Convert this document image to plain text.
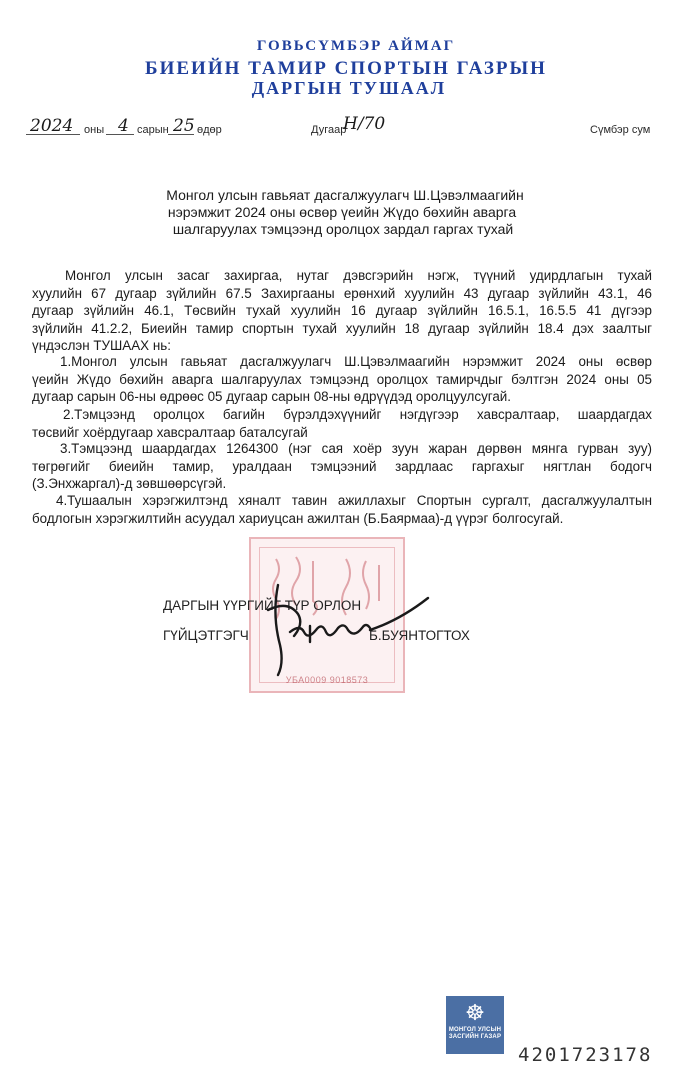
ГОВЬСҮМБЭР АЙМАГ
БИЕИЙН ТАМИР СПОРТЫН ГАЗРЫН
ДАРГЫН ТУШААЛ
2024 оны 4 сарын 25 өдөр	Дугаар
Н/70	Сүмбэр сум
Монгол улсын гавьяат дасгалжуулагч Ш.Цэвэлмаагийн
нэрэмжит 2024 оны өсвөр үеийн Жүдо бөхийн аварга
шалгаруулах тэмцээнд оролцох зардал гаргах тухай
Монгол улсын засаг захиргаа, нутаг дэвсгэрийн нэгж, түүний удирдлагын тухай
хуулийн 67 дугаар зүйлийн 67.5 Захиргааны ерөнхий хуулийн 43 дугаар зүйлийн 43.1, 46
дугаар зүйлийн 46.1, Төсвийн тухай хуулийн 16 дугаар зүйлийн 16.5.1, 16.5.5 41 дүгээр
зүйлийн 41.2.2, Биеийн тамир спортын тухай хуулийн 18 дугаар зүйлийн 18.4 дэх заалтыг
үндэслэн ТУШААХ нь:
1.Монгол улсын гавьяат дасгалжуулагч Ш.Цэвэлмаагийн нэрэмжит 2024 оны өсвөр
үеийн Жүдо бөхийн аварга шалгаруулах тэмцээнд оролцох тамирчдыг бэлтгэн 2024 оны 05
дугаар сарын 06-ны өдрөөс 05 дугаар сарын 08-ны өдрүүдэд оролцуулсугай.
2.Тэмцээнд оролцох багийн бүрэлдэхүүнийг нэгдүгээр хавсралтаар, шаардагдах
төсвийг хоёрдугаар хавсралтаар баталсугай
3.Тэмцээнд шаардагдах 1264300 (нэг сая хоёр зуун жаран дөрвөн мянга гурван зуу)
төгрөгийг биеийн тамир, уралдаан тэмцээний зардлаас гаргахыг нягтлан бодогч
(З.Энхжаргал)-д зөвшөөрсүгэй.
4.Тушаалын хэрэгжилтэнд хяналт тавин ажиллахыг Спортын сургалт, дасгалжуулалтын
бодлогын хэрэгжилтийн асуудал хариуцсан ажилтан (Б.Баярмаа)-д үүрэг болгосугай.
УБА0009 9018573
ДАРГЫН ҮҮРГИЙГ ТҮР ОРЛОН
ГҮЙЦЭТГЭГЧ	Б.БУЯНТОГТОХ
☸
МОНГОЛ УЛСЫН
ЗАСГИЙН ГАЗАР
4201723178
